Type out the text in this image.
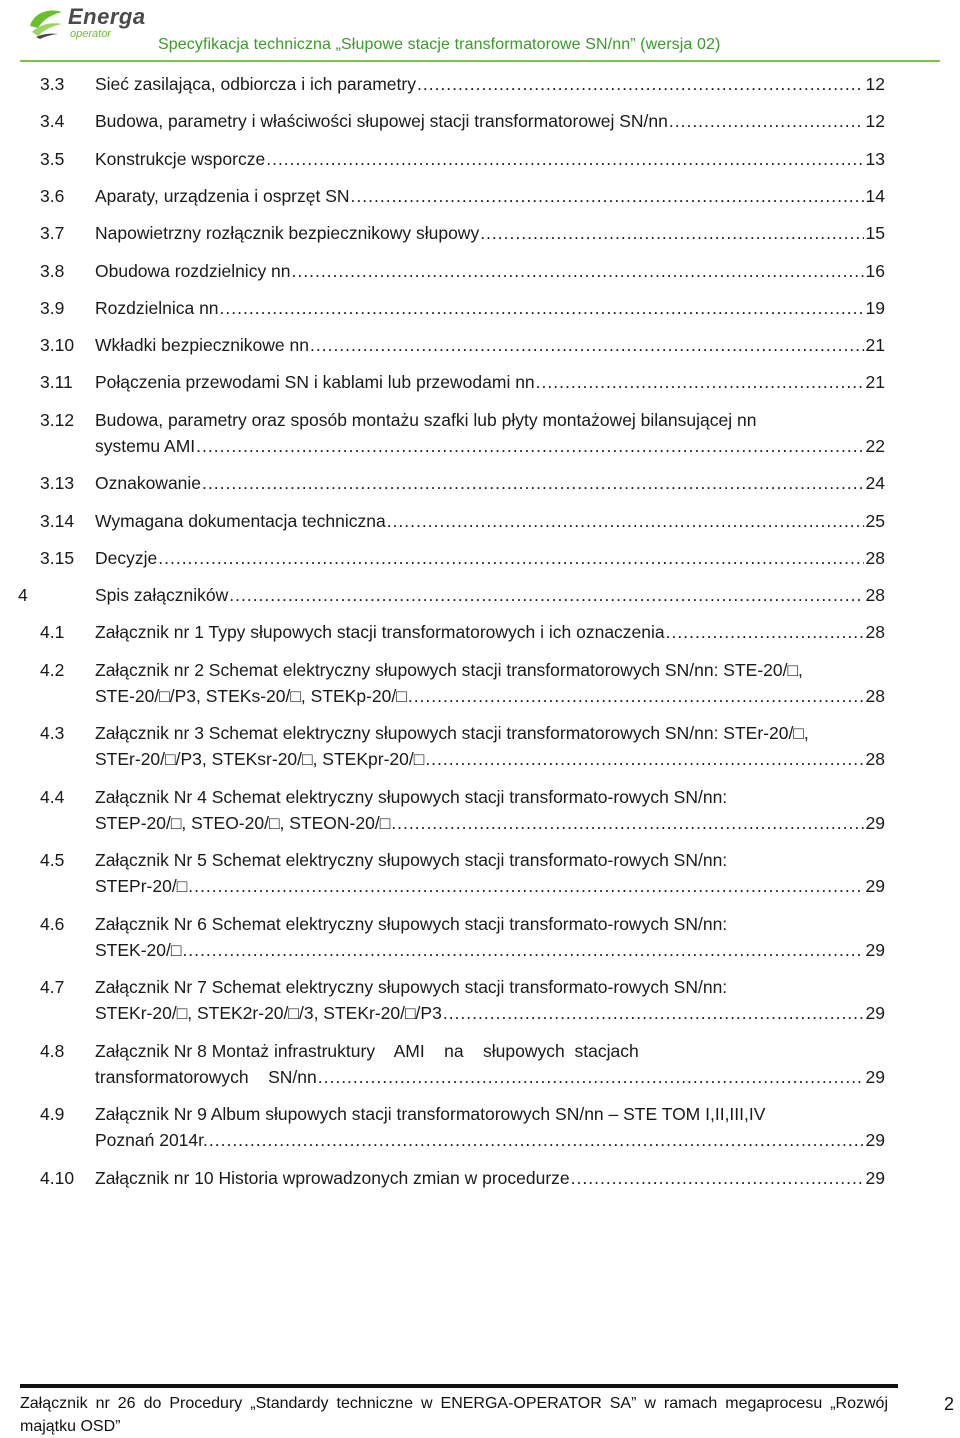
Energa
operator
Specyfikacja techniczna „Słupowe stacje transformatorowe SN/nn” (wersja 02)
3.3 Sieć zasilająca, odbiorcza i ich parametry .....	12
3.4 Budowa, parametry i właściwości słupowej stacji transformatorowej SN/nn .....	12
3.5 Konstrukcje wsporcze .....	13
3.6 Aparaty, urządzenia i osprzęt SN .....	14
3.7 Napowietrzny rozłącznik bezpiecznikowy słupowy .....	15
3.8 Obudowa rozdzielnicy nn .....	16
3.9 Rozdzielnica nn .....	19
3.10 Wkładki bezpiecznikowe nn .....	21
3.11 Połączenia przewodami SN i kablami lub przewodami nn .....	21
3.12 Budowa, parametry oraz sposób montażu szafki lub płyty montażowej bilansującej nn
systemu AMI .....	22
3.13 Oznakowanie .....	24
3.14 Wymagana dokumentacja techniczna .....	25
3.15 Decyzje .....	28
4	Spis załączników .....	28
4.1 Załącznik nr 1 Typy słupowych stacji transformatorowych i ich oznaczenia .....	28
4.2 Załącznik nr 2 Schemat elektryczny słupowych stacji transformatorowych SN/nn: STE-20/□,
STE-20/□/P3, STEKs-20/□, STEKp-20/□ .....	28
4.3 Załącznik nr 3 Schemat elektryczny słupowych stacji transformatorowych SN/nn: STEr-20/□,
STEr-20/□/P3, STEKsr-20/□, STEKpr-20/□ .....	28
4.4 Załącznik Nr 4 Schemat elektryczny słupowych stacji transformato-rowych SN/nn:
STEP-20/□, STEO-20/□, STEON-20/□ .....	29
4.5 Załącznik Nr 5 Schemat elektryczny słupowych stacji transformato-rowych SN/nn:
STEPr-20/□ .....	29
4.6 Załącznik Nr 6 Schemat elektryczny słupowych stacji transformato-rowych SN/nn:
STEK-20/□ .....	29
4.7 Załącznik Nr 7 Schemat elektryczny słupowych stacji transformato-rowych SN/nn:
STEKr-20/□, STEK2r-20/□/3, STEKr-20/□/P3 .....	29
4.8 Załącznik Nr 8 Montaż infrastruktury    AMI    na    słupowych  stacjach
transformatorowych    SN/nn .....	29
4.9 Załącznik Nr 9 Album słupowych stacji transformatorowych SN/nn – STE TOM I,II,III,IV
Poznań 2014r. .....	29
4.10 Załącznik nr 10 Historia wprowadzonych zmian w procedurze .....	29
Załącznik nr 26 do Procedury „Standardy techniczne w ENERGA-OPERATOR SA” w ramach megaprocesu „Rozwój majątku OSD”
2
